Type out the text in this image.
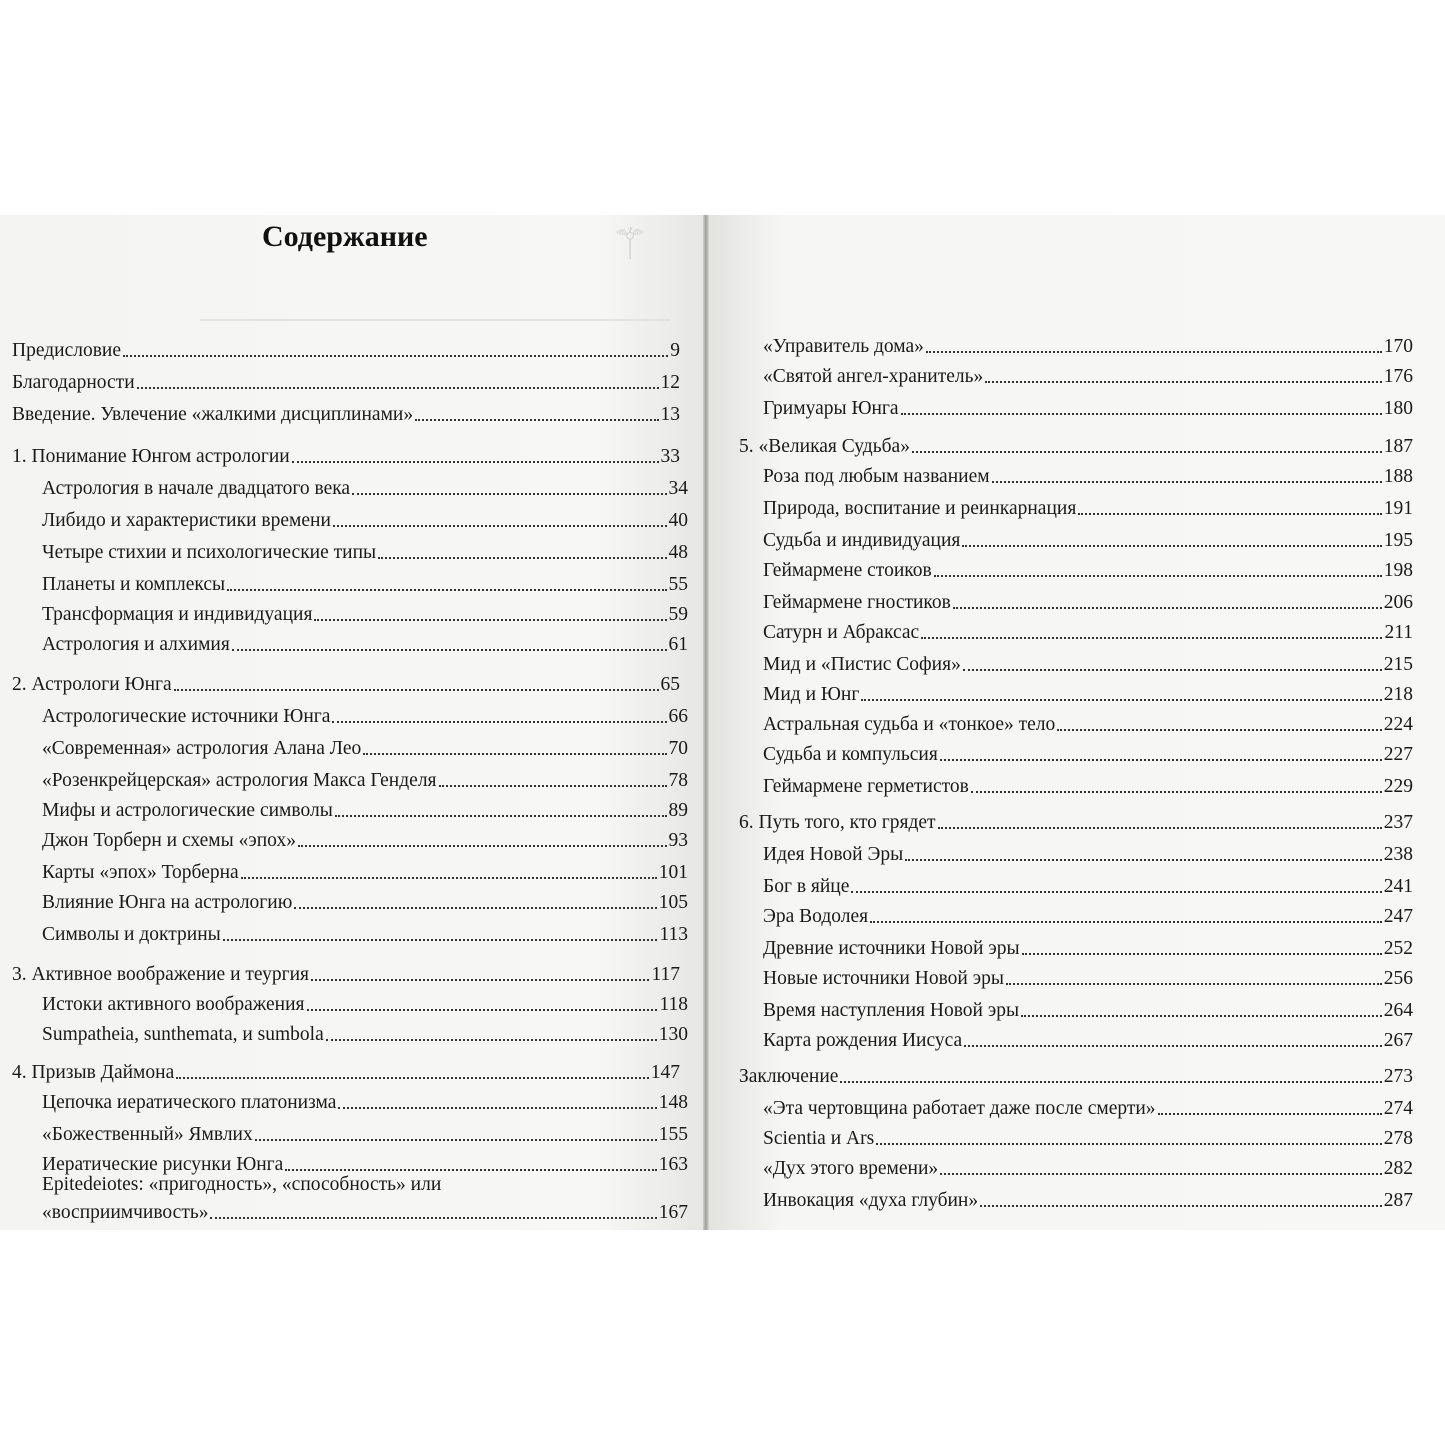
⚚
Содержание
Предисловие	9
Благодарности	12
Введение. Увлечение «жалкими дисциплинами»	13
1. Понимание Юнгом астрологии	33
Астрология в начале двадцатого века	34
Либидо и характеристики времени	40
Четыре стихии и психологические типы	48
Планеты и комплексы	55
Трансформация и индивидуация	59
Астрология и алхимия	61
2. Астрологи Юнга	65
Астрологические источники Юнга	66
«Современная» астрология Алана Лео	70
«Розенкрейцерская» астрология Макса Генделя	78
Мифы и астрологические символы	89
Джон Торберн и схемы «эпох»	93
Карты «эпох» Торберна	101
Влияние Юнга на астрологию	105
Символы и доктрины	113
3. Активное воображение и теургия	117
Истоки активного воображения	118
Sumpatheia, sunthemata, и sumbola	130
4. Призыв Даймона	147
Цепочка иератического платонизма	148
«Божественный» Ямвлих	155
Иератические рисунки Юнга	163
Epitedeiotes: «пригодность», «способность» или
«восприимчивость»	167
«Управитель дома»	170
«Святой ангел-хранитель»	176
Гримуары Юнга	180
5. «Великая Судьба»	187
Роза под любым названием	188
Природа, воспитание и реинкарнация	191
Судьба и индивидуация	195
Геймармене стоиков	198
Геймармене гностиков	206
Сатурн и Абраксас	211
Мид и «Пистис София»	215
Мид и Юнг	218
Астральная судьба и «тонкое» тело	224
Судьба и компульсия	227
Геймармене герметистов	229
6. Путь того, кто грядет	237
Идея Новой Эры	238
Бог в яйце	241
Эра Водолея	247
Древние источники Новой эры	252
Новые источники Новой эры	256
Время наступления Новой эры	264
Карта рождения Иисуса	267
Заключение	273
«Эта чертовщина работает даже после смерти»	274
Scientia и Ars	278
«Дух этого времени»	282
Инвокация «духа глубин»	287
